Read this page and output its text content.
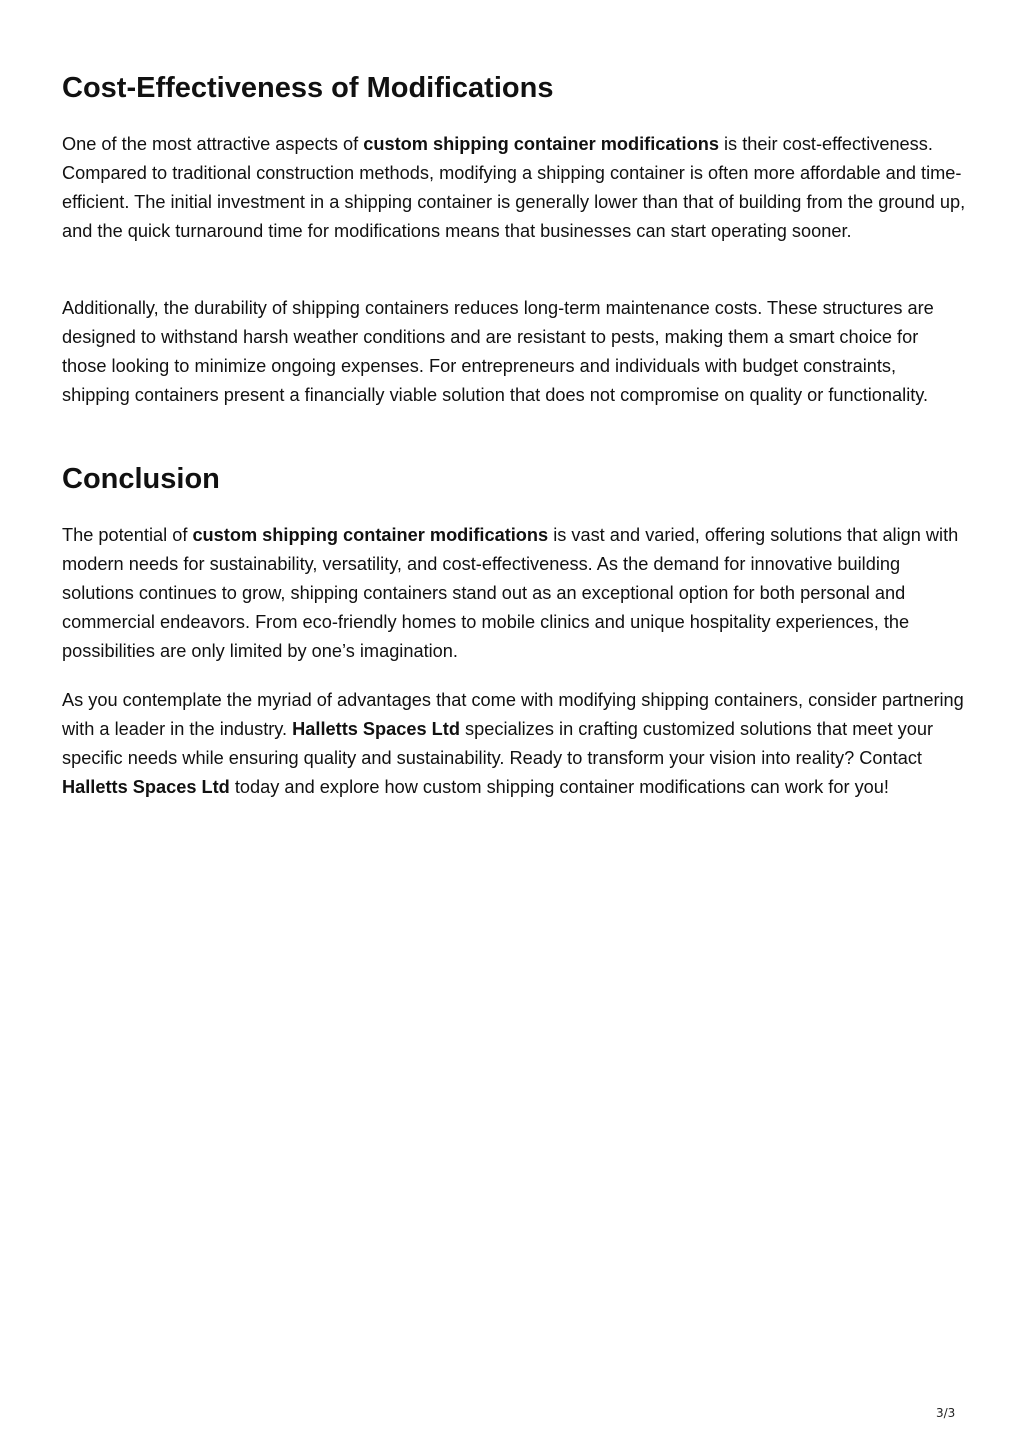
Cost-Effectiveness of Modifications

One of the most attractive aspects of custom shipping container modifications is their cost-effectiveness. Compared to traditional construction methods, modifying a shipping container is often more affordable and time-efficient. The initial investment in a shipping container is generally lower than that of building from the ground up, and the quick turnaround time for modifications means that businesses can start operating sooner.

Additionally, the durability of shipping containers reduces long-term maintenance costs. These structures are designed to withstand harsh weather conditions and are resistant to pests, making them a smart choice for those looking to minimize ongoing expenses. For entrepreneurs and individuals with budget constraints, shipping containers present a financially viable solution that does not compromise on quality or functionality.

Conclusion

The potential of custom shipping container modifications is vast and varied, offering solutions that align with modern needs for sustainability, versatility, and cost-effectiveness. As the demand for innovative building solutions continues to grow, shipping containers stand out as an exceptional option for both personal and commercial endeavors. From eco-friendly homes to mobile clinics and unique hospitality experiences, the possibilities are only limited by one’s imagination.

As you contemplate the myriad of advantages that come with modifying shipping containers, consider partnering with a leader in the industry. Halletts Spaces Ltd specializes in crafting customized solutions that meet your specific needs while ensuring quality and sustainability. Ready to transform your vision into reality? Contact Halletts Spaces Ltd today and explore how custom shipping container modifications can work for you!

3/3
